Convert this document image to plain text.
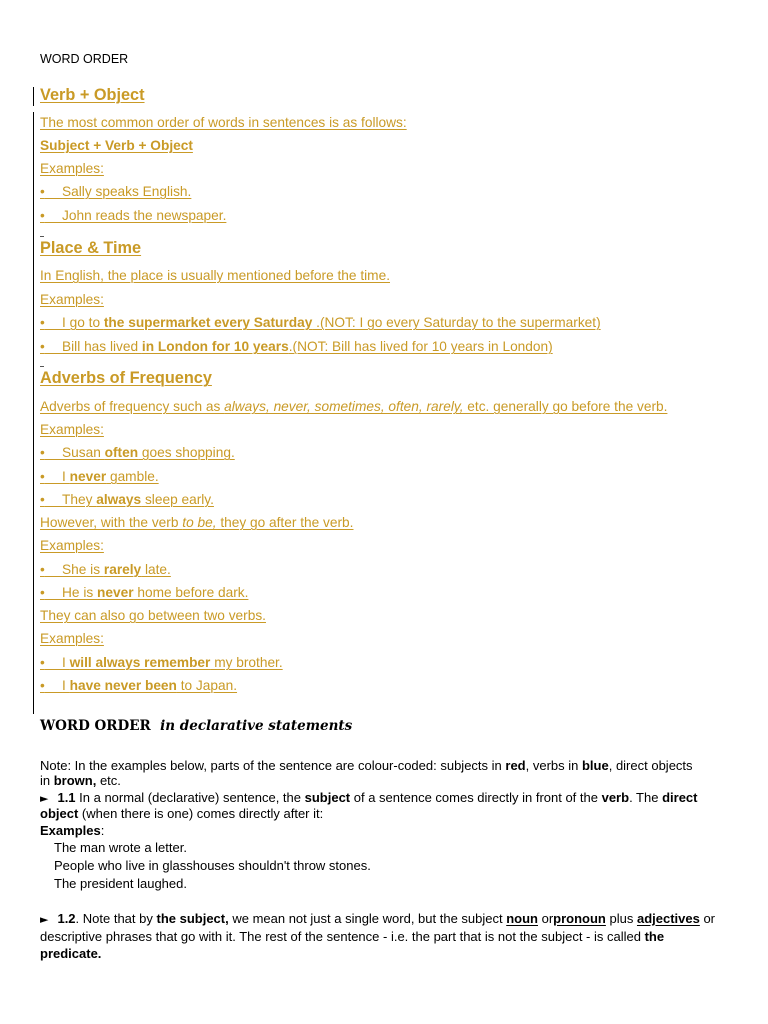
WORD ORDER
Verb + Object
The most common order of words in sentences is as follows:
Subject + Verb + Object
Examples:
• Sally speaks English.
• John reads the newspaper.
Place & Time
In English, the place is usually mentioned before the time.
Examples:
• I go to the supermarket every Saturday .(NOT: I go every Saturday to the supermarket)
• Bill has lived in London for 10 years.(NOT: Bill has lived for 10 years in London)
Adverbs of Frequency
Adverbs of frequency such as always, never, sometimes, often, rarely, etc. generally go before the verb.
Examples:
• Susan often goes shopping.
• I never gamble.
• They always sleep early.
However, with the verb to be, they go after the verb.
Examples:
• She is rarely late.
• He is never home before dark.
They can also go between two verbs.
Examples:
• I will always remember my brother.
• I have never been to Japan.
WORD ORDER in declarative statements
Note: In the examples below, parts of the sentence are colour-coded: subjects in red, verbs in blue, direct objects
in brown, etc.
► 1.1 In a normal (declarative) sentence, the subject of a sentence comes directly in front of the verb. The direct
object (when there is one) comes directly after it:
Examples:
The man wrote a letter.
People who live in glasshouses shouldn't throw stones.
The president laughed.
► 1.2. Note that by the subject, we mean not just a single word, but the subject noun orpronoun plus adjectives or
descriptive phrases that go with it. The rest of the sentence - i.e. the part that is not the subject - is called the
predicate.
